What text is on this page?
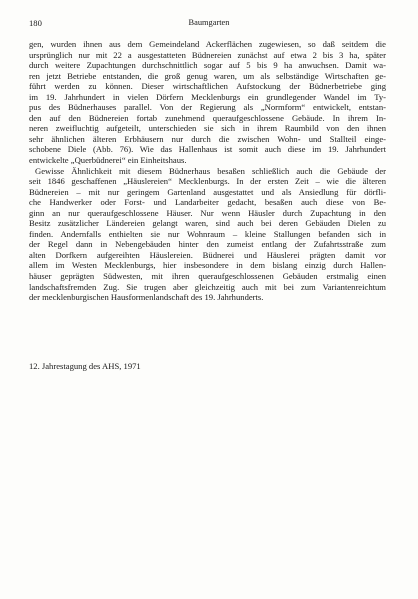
180	Baumgarten
gen, wurden ihnen aus dem Gemeindeland Ackerflächen zugewiesen, so daß seitdem die
ursprünglich nur mit 22 a ausgestatteten Büdnereien zunächst auf etwa 2 bis 3 ha, später
durch weitere Zupachtungen durchschnittlich sogar auf 5 bis 9 ha anwuchsen. Damit wa-
ren jetzt Betriebe entstanden, die groß genug waren, um als selbständige Wirtschaften ge-
führt werden zu können. Dieser wirtschaftlichen Aufstockung der Büdnerbetriebe ging
im 19. Jahrhundert in vielen Dörfern Mecklenburgs ein grundlegender Wandel im Ty-
pus des Büdnerhauses parallel. Von der Regierung als „Normform“ entwickelt, entstan-
den auf den Büdnereien fortab zunehmend queraufgeschlossene Gebäude. In ihrem In-
neren zweifluchtig aufgeteilt, unterschieden sie sich in ihrem Raumbild von den ihnen
sehr ähnlichen älteren Erbhäusern nur durch die zwischen Wohn- und Stallteil einge-
schobene Diele (Abb. 76). Wie das Hallenhaus ist somit auch diese im 19. Jahrhundert
entwickelte „Querbüdnerei“ ein Einheitshaus.
Gewisse Ähnlichkeit mit diesem Büdnerhaus besaßen schließlich auch die Gebäude der
seit 1846 geschaffenen „Häuslereien“ Mecklenburgs. In der ersten Zeit – wie die älteren
Büdnereien – mit nur geringem Gartenland ausgestattet und als Ansiedlung für dörfli-
che Handwerker oder Forst- und Landarbeiter gedacht, besaßen auch diese von Be-
ginn an nur queraufgeschlossene Häuser. Nur wenn Häusler durch Zupachtung in den
Besitz zusätzlicher Ländereien gelangt waren, sind auch bei deren Gebäuden Dielen zu
finden. Andernfalls enthielten sie nur Wohnraum – kleine Stallungen befanden sich in
der Regel dann in Nebengebäuden hinter den zumeist entlang der Zufahrtsstraße zum
alten Dorfkern aufgereihten Häuslereien. Büdnerei und Häuslerei prägten damit vor
allem im Westen Mecklenburgs, hier insbesondere in dem bislang einzig durch Hallen-
häuser geprägten Südwesten, mit ihren queraufgeschlossenen Gebäuden erstmalig einen
landschaftsfremden Zug. Sie trugen aber gleichzeitig auch mit bei zum Variantenreichtum
der mecklenburgischen Hausformenlandschaft des 19. Jahrhunderts.
12. Jahrestagung des AHS, 1971
